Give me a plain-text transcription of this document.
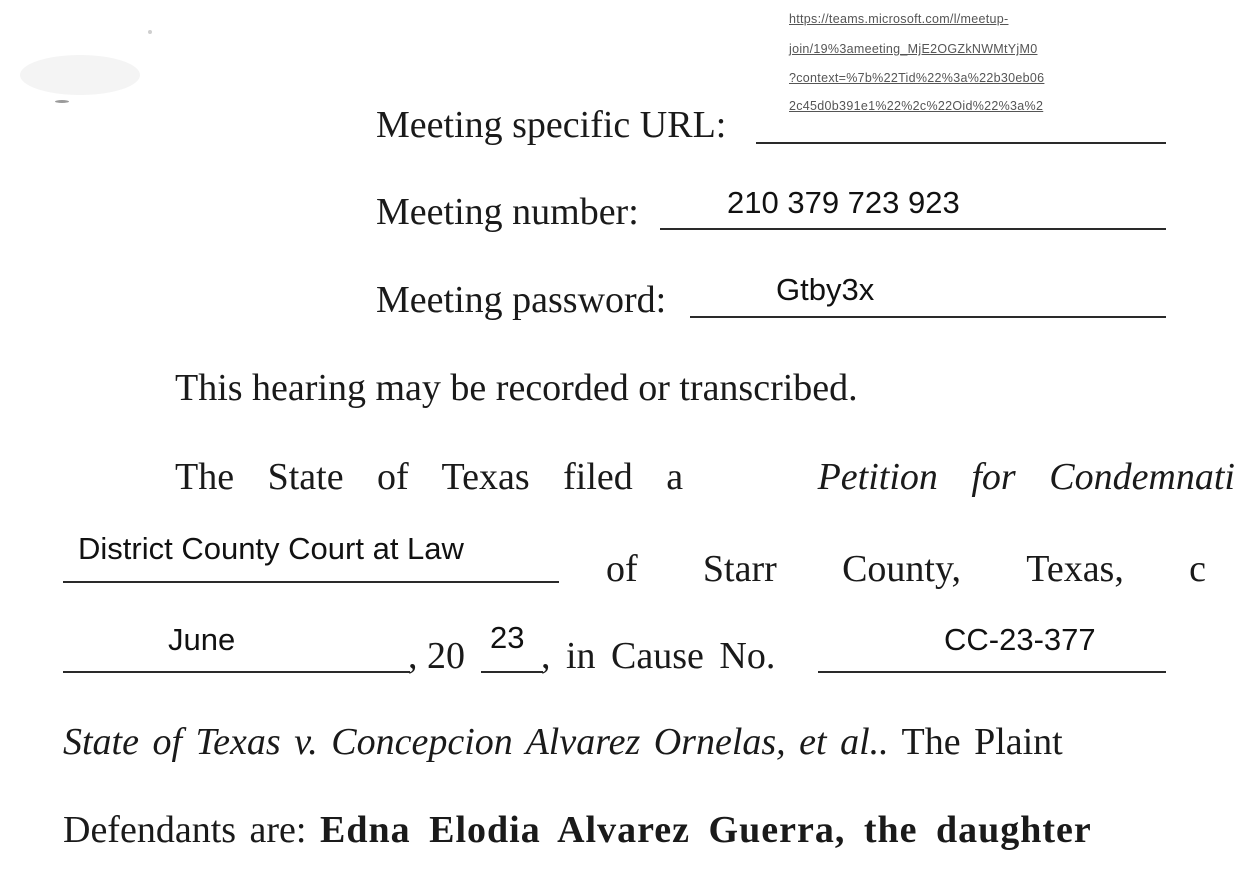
https://teams.microsoft.com/l/meetup-
join/19%3ameeting_MjE2OGZkNWMtYjM0
?context=%7b%22Tid%22%3a%22b30eb06
2c45d0b391e1%22%2c%22Oid%22%3a%2
Meeting specific URL:
Meeting number:	210 379 723 923
Meeting password:	Gtby3x
This hearing may be recorded or transcribed.
The State of Texas filed a	Petition for Condemnati
District County Court at Law	of Starr County, Texas, c
June	, 20 23 , in Cause No.	CC-23-377
State of Texas v. Concepcion Alvarez Ornelas, et al.. The Plaint
Defendants are: Edna Elodia Alvarez Guerra, the daughter
